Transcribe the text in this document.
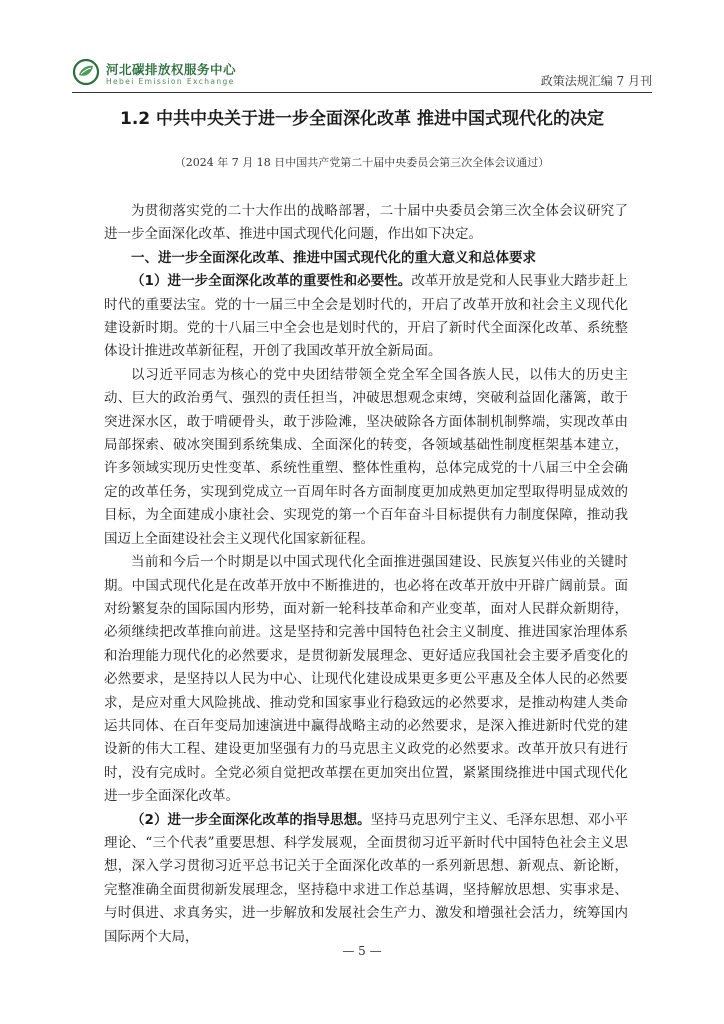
河北碳排放权服务中心
Hebei Emission Exchange	政策法规汇编 7 月刊
1.2 中共中央关于进一步全面深化改革 推进中国式现代化的决定
（2024 年 7 月 18 日中国共产党第二十届中央委员会第三次全体会议通过）

为贯彻落实党的二十大作出的战略部署，二十届中央委员会第三次全体会议研究了进一步全面深化改革、推进中国式现代化问题，作出如下决定。

一、进一步全面深化改革、推进中国式现代化的重大意义和总体要求

（1）进一步全面深化改革的重要性和必要性。改革开放是党和人民事业大踏步赶上时代的重要法宝。党的十一届三中全会是划时代的，开启了改革开放和社会主义现代化建设新时期。党的十八届三中全会也是划时代的，开启了新时代全面深化改革、系统整体设计推进改革新征程，开创了我国改革开放全新局面。

以习近平同志为核心的党中央团结带领全党全军全国各族人民，以伟大的历史主动、巨大的政治勇气、强烈的责任担当，冲破思想观念束缚，突破利益固化藩篱，敢于突进深水区，敢于啃硬骨头，敢于涉险滩，坚决破除各方面体制机制弊端，实现改革由局部探索、破冰突围到系统集成、全面深化的转变，各领域基础性制度框架基本建立，许多领域实现历史性变革、系统性重塑、整体性重构，总体完成党的十八届三中全会确定的改革任务，实现到党成立一百周年时各方面制度更加成熟更加定型取得明显成效的目标，为全面建成小康社会、实现党的第一个百年奋斗目标提供有力制度保障，推动我国迈上全面建设社会主义现代化国家新征程。

当前和今后一个时期是以中国式现代化全面推进强国建设、民族复兴伟业的关键时期。中国式现代化是在改革开放中不断推进的，也必将在改革开放中开辟广阔前景。面对纷繁复杂的国际国内形势，面对新一轮科技革命和产业变革，面对人民群众新期待，必须继续把改革推向前进。这是坚持和完善中国特色社会主义制度、推进国家治理体系和治理能力现代化的必然要求，是贯彻新发展理念、更好适应我国社会主要矛盾变化的必然要求，是坚持以人民为中心、让现代化建设成果更多更公平惠及全体人民的必然要求，是应对重大风险挑战、推动党和国家事业行稳致远的必然要求，是推动构建人类命运共同体、在百年变局加速演进中赢得战略主动的必然要求，是深入推进新时代党的建设新的伟大工程、建设更加坚强有力的马克思主义政党的必然要求。改革开放只有进行时，没有完成时。全党必须自觉把改革摆在更加突出位置，紧紧围绕推进中国式现代化进一步全面深化改革。

（2）进一步全面深化改革的指导思想。坚持马克思列宁主义、毛泽东思想、邓小平理论、“三个代表”重要思想、科学发展观，全面贯彻习近平新时代中国特色社会主义思想，深入学习贯彻习近平总书记关于全面深化改革的一系列新思想、新观点、新论断，完整准确全面贯彻新发展理念，坚持稳中求进工作总基调，坚持解放思想、实事求是、与时俱进、求真务实，进一步解放和发展社会生产力、激发和增强社会活力，统筹国内国际两个大局，

— 5 —
